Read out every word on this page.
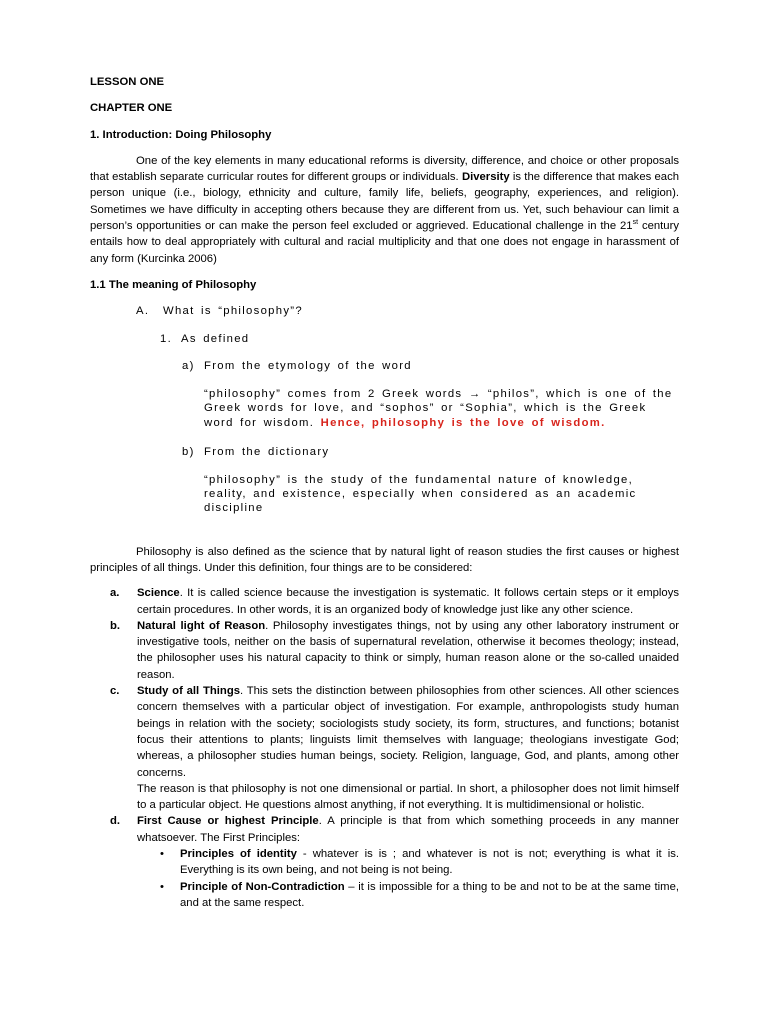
LESSON ONE

CHAPTER ONE

1. Introduction: Doing Philosophy

One of the key elements in many educational reforms is diversity, difference, and choice or other proposals that establish separate curricular routes for different groups or individuals. Diversity is the difference that makes each person unique (i.e., biology, ethnicity and culture, family life, beliefs, geography, experiences, and religion). Sometimes we have difficulty in accepting others because they are different from us. Yet, such behaviour can limit a person’s opportunities or can make the person feel excluded or aggrieved. Educational challenge in the 21st century entails how to deal appropriately with cultural and racial multiplicity and that one does not engage in harassment of any form (Kurcinka 2006)

1.1 The meaning of Philosophy

A. What is “philosophy”?
1. As defined
a) From the etymology of the word

“philosophy” comes from 2 Greek words → “philos”, which is one of the Greek words for love, and “sophos” or “Sophia”, which is the Greek word for wisdom. Hence, philosophy is the love of wisdom.

b) From the dictionary

“philosophy” is the study of the fundamental nature of knowledge, reality, and existence, especially when considered as an academic discipline

Philosophy is also defined as the science that by natural light of reason studies the first causes or highest principles of all things. Under this definition, four things are to be considered:

a. Science. It is called science because the investigation is systematic. It follows certain steps or it employs certain procedures. In other words, it is an organized body of knowledge just like any other science.
b. Natural light of Reason. Philosophy investigates things, not by using any other laboratory instrument or investigative tools, neither on the basis of supernatural revelation, otherwise it becomes theology; instead, the philosopher uses his natural capacity to think or simply, human reason alone or the so-called unaided reason.
c. Study of all Things. This sets the distinction between philosophies from other sciences. All other sciences concern themselves with a particular object of investigation. For example, anthropologists study human beings in relation with the society; sociologists study society, its form, structures, and functions; botanist focus their attentions to plants; linguists limit themselves with language; theologians investigate God; whereas, a philosopher studies human beings, society. Religion, language, God, and plants, among other concerns.
The reason is that philosophy is not one dimensional or partial. In short, a philosopher does not limit himself to a particular object. He questions almost anything, if not everything. It is multidimensional or holistic.
d. First Cause or highest Principle. A principle is that from which something proceeds in any manner whatsoever. The First Principles:
• Principles of identity - whatever is is ; and whatever is not is not; everything is what it is. Everything is its own being, and not being is not being.
• Principle of Non-Contradiction – it is impossible for a thing to be and not to be at the same time, and at the same respect.
